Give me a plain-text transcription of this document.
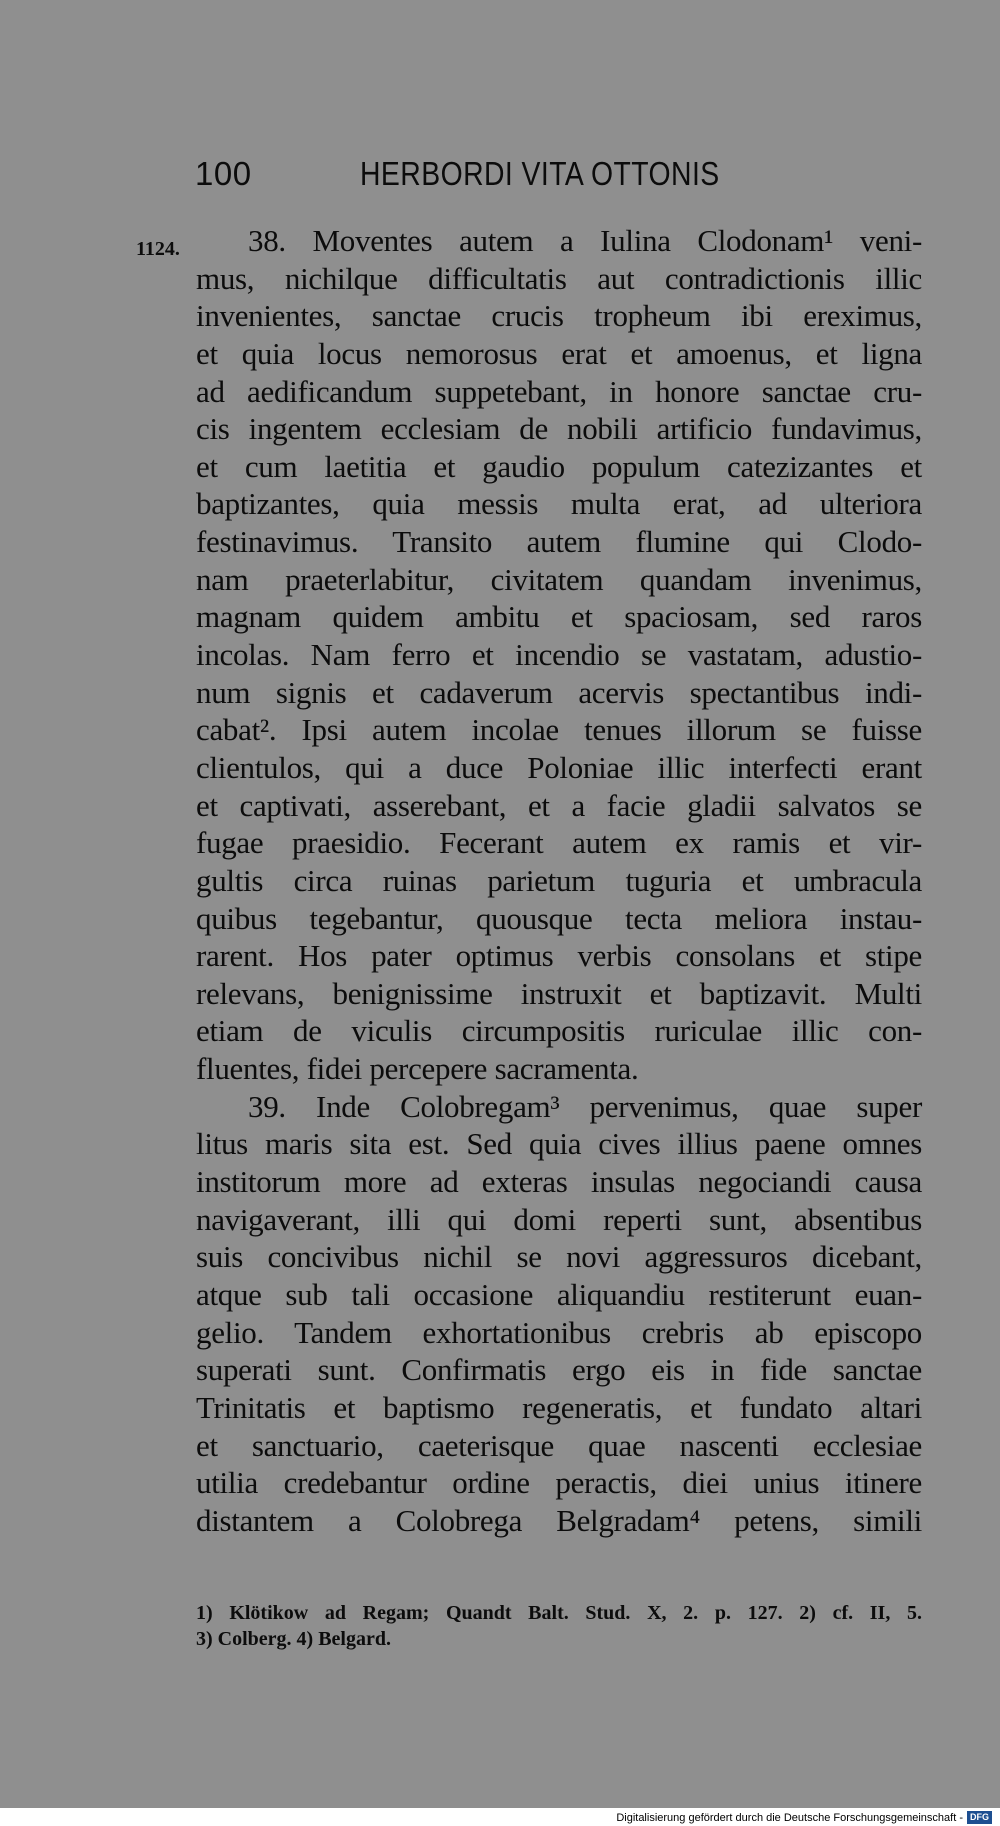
100	HERBORDI VITA OTTONIS
1124.	38. Moventes autem a Iulina Clodonam¹ veni-
mus, nichilque difficultatis aut contradictionis illic
invenientes, sanctae crucis tropheum ibi ereximus,
et quia locus nemorosus erat et amoenus, et ligna
ad aedificandum suppetebant, in honore sanctae cru-
cis ingentem ecclesiam de nobili artificio fundavimus,
et cum laetitia et gaudio populum catezizantes et
baptizantes, quia messis multa erat, ad ulteriora
festinavimus. Transito autem flumine qui Clodo-
nam praeterlabitur, civitatem quandam invenimus,
magnam quidem ambitu et spaciosam, sed raros
incolas. Nam ferro et incendio se vastatam, adustio-
num signis et cadaverum acervis spectantibus indi-
cabat². Ipsi autem incolae tenues illorum se fuisse
clientulos, qui a duce Poloniae illic interfecti erant
et captivati, asserebant, et a facie gladii salvatos se
fugae praesidio. Fecerant autem ex ramis et vir-
gultis circa ruinas parietum tuguria et umbracula
quibus tegebantur, quousque tecta meliora instau-
rarent. Hos pater optimus verbis consolans et stipe
relevans, benignissime instruxit et baptizavit. Multi
etiam de viculis circumpositis ruriculae illic con-
fluentes, fidei percepere sacramenta.
39. Inde Colobregam³ pervenimus, quae super
litus maris sita est. Sed quia cives illius paene omnes
institorum more ad exteras insulas negociandi causa
navigaverant, illi qui domi reperti sunt, absentibus
suis concivibus nichil se novi aggressuros dicebant,
atque sub tali occasione aliquandiu restiterunt euan-
gelio. Tandem exhortationibus crebris ab episcopo
superati sunt. Confirmatis ergo eis in fide sanctae
Trinitatis et baptismo regeneratis, et fundato altari
et sanctuario, caeterisque quae nascenti ecclesiae
utilia credebantur ordine peractis, diei unius itinere
distantem a Colobrega Belgradam⁴ petens, simili
1) Klötikow ad Regam; Quandt Balt. Stud. X, 2. p. 127. 2) cf. II, 5.
3) Colberg. 4) Belgard.
Digitalisierung gefördert durch die Deutsche Forschungsgemeinschaft - DFG
